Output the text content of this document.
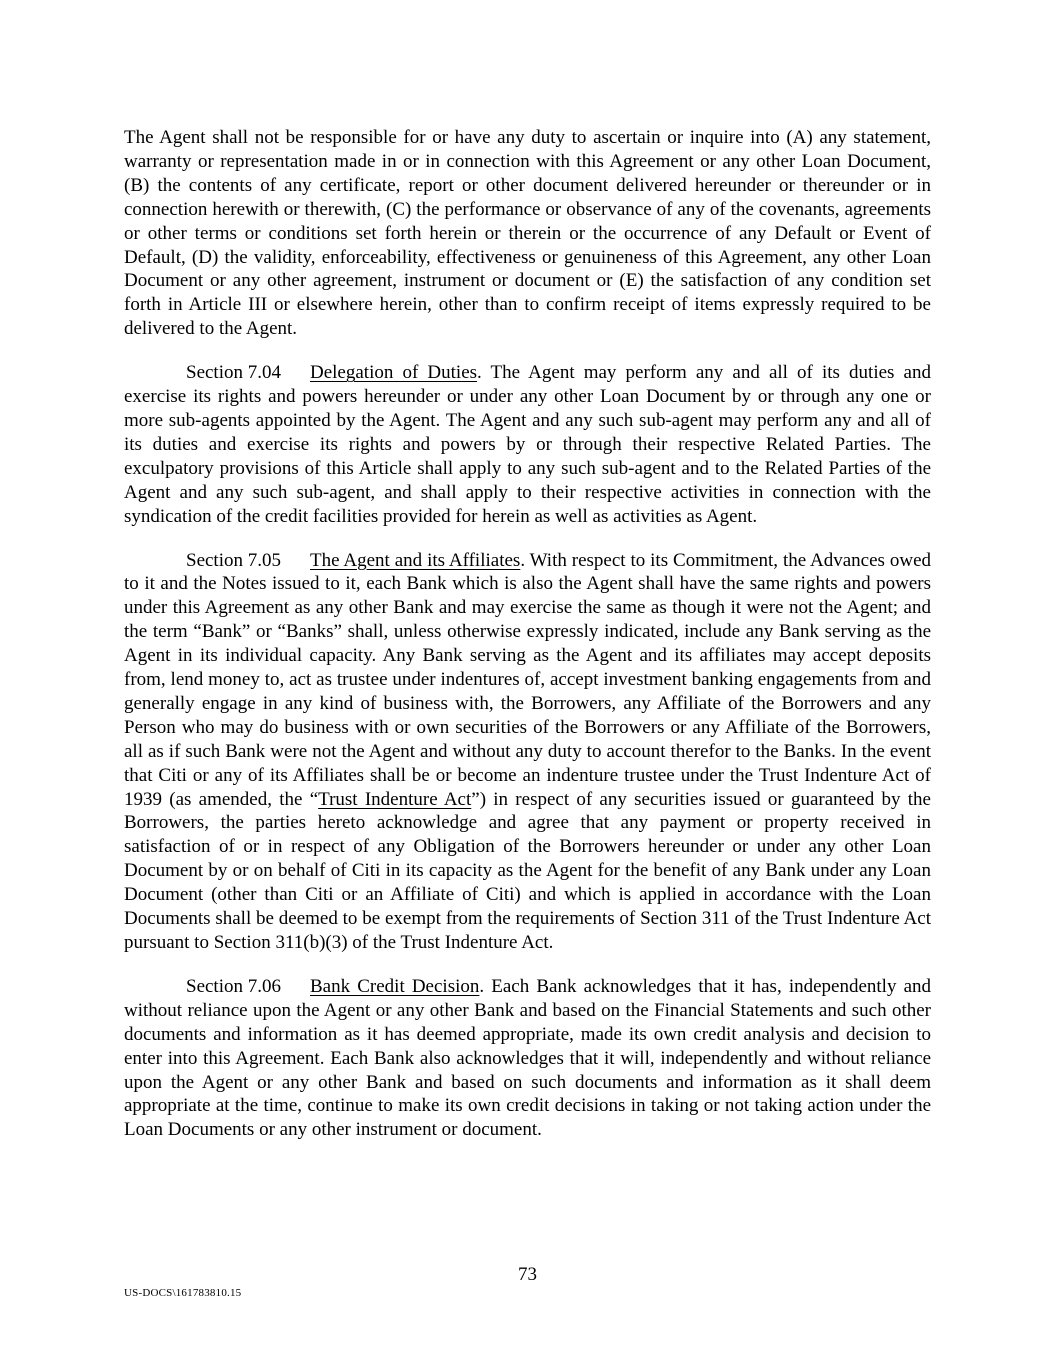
The Agent shall not be responsible for or have any duty to ascertain or inquire into (A) any statement, warranty or representation made in or in connection with this Agreement or any other Loan Document, (B) the contents of any certificate, report or other document delivered hereunder or thereunder or in connection herewith or therewith, (C) the performance or observance of any of the covenants, agreements or other terms or conditions set forth herein or therein or the occurrence of any Default or Event of Default, (D) the validity, enforceability, effectiveness or genuineness of this Agreement, any other Loan Document or any other agreement, instrument or document or (E) the satisfaction of any condition set forth in Article III or elsewhere herein, other than to confirm receipt of items expressly required to be delivered to the Agent.

Section 7.04 Delegation of Duties. The Agent may perform any and all of its duties and exercise its rights and powers hereunder or under any other Loan Document by or through any one or more sub-agents appointed by the Agent. The Agent and any such sub-agent may perform any and all of its duties and exercise its rights and powers by or through their respective Related Parties. The exculpatory provisions of this Article shall apply to any such sub-agent and to the Related Parties of the Agent and any such sub-agent, and shall apply to their respective activities in connection with the syndication of the credit facilities provided for herein as well as activities as Agent.

Section 7.05 The Agent and its Affiliates. With respect to its Commitment, the Advances owed to it and the Notes issued to it, each Bank which is also the Agent shall have the same rights and powers under this Agreement as any other Bank and may exercise the same as though it were not the Agent; and the term “Bank” or “Banks” shall, unless otherwise expressly indicated, include any Bank serving as the Agent in its individual capacity. Any Bank serving as the Agent and its affiliates may accept deposits from, lend money to, act as trustee under indentures of, accept investment banking engagements from and generally engage in any kind of business with, the Borrowers, any Affiliate of the Borrowers and any Person who may do business with or own securities of the Borrowers or any Affiliate of the Borrowers, all as if such Bank were not the Agent and without any duty to account therefor to the Banks. In the event that Citi or any of its Affiliates shall be or become an indenture trustee under the Trust Indenture Act of 1939 (as amended, the “Trust Indenture Act”) in respect of any securities issued or guaranteed by the Borrowers, the parties hereto acknowledge and agree that any payment or property received in satisfaction of or in respect of any Obligation of the Borrowers hereunder or under any other Loan Document by or on behalf of Citi in its capacity as the Agent for the benefit of any Bank under any Loan Document (other than Citi or an Affiliate of Citi) and which is applied in accordance with the Loan Documents shall be deemed to be exempt from the requirements of Section 311 of the Trust Indenture Act pursuant to Section 311(b)(3) of the Trust Indenture Act.

Section 7.06 Bank Credit Decision. Each Bank acknowledges that it has, independently and without reliance upon the Agent or any other Bank and based on the Financial Statements and such other documents and information as it has deemed appropriate, made its own credit analysis and decision to enter into this Agreement. Each Bank also acknowledges that it will, independently and without reliance upon the Agent or any other Bank and based on such documents and information as it shall deem appropriate at the time, continue to make its own credit decisions in taking or not taking action under the Loan Documents or any other instrument or document.

73
US-DOCS\161783810.15
